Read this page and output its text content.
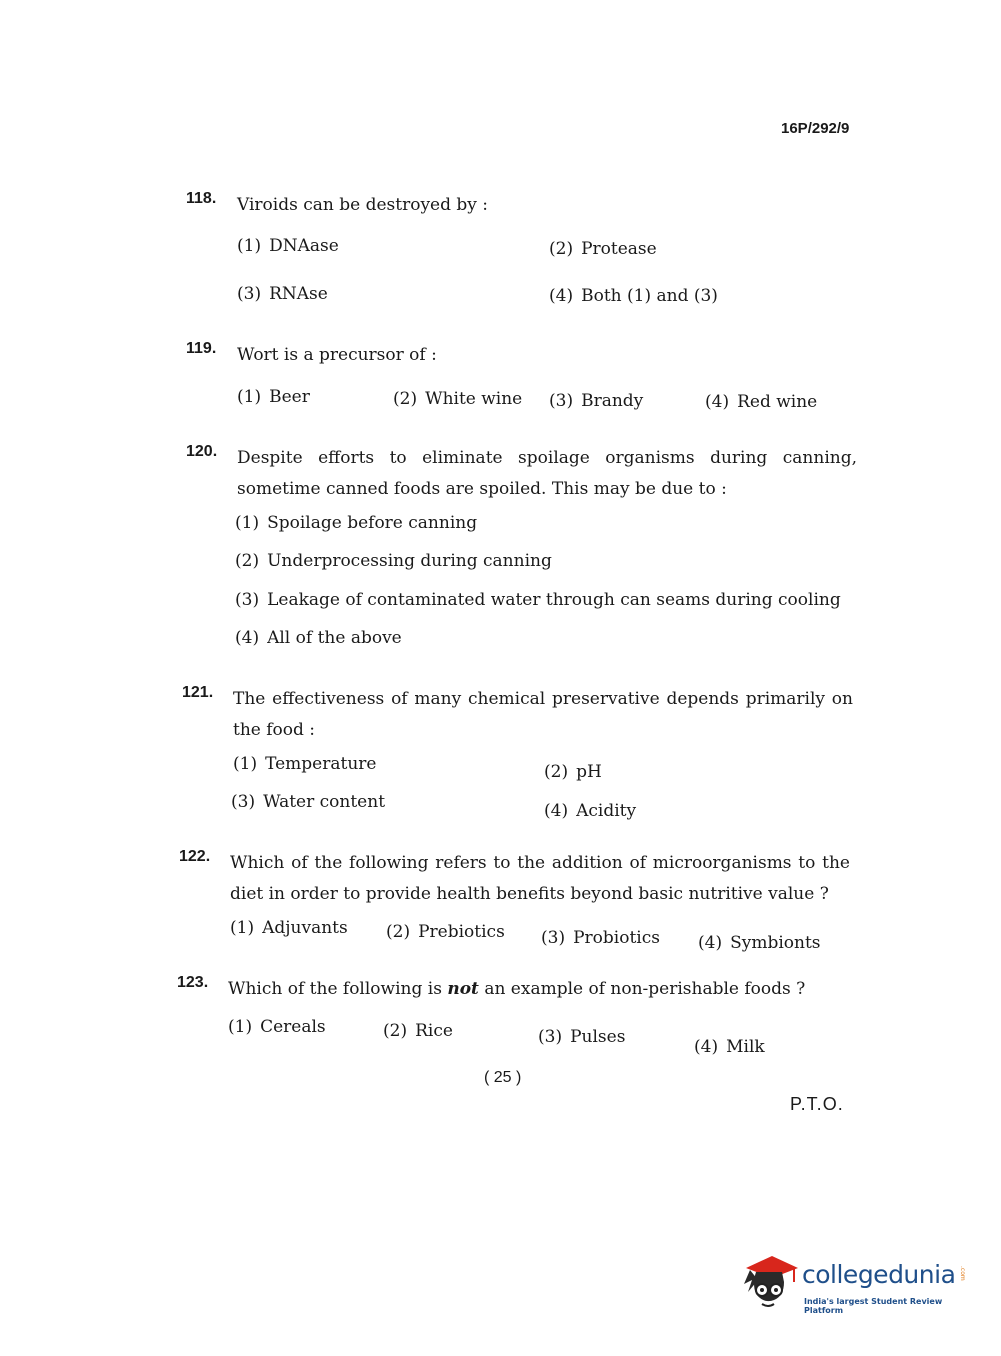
16P/292/9
118. Viroids can be destroyed by :
(1) DNAase	(2) Protease
(3) RNAse	(4) Both (1) and (3)
119. Wort is a precursor of :
(1) Beer	(2) White wine (3) Brandy	(4) Red wine
120. Despite efforts to eliminate spoilage organisms during canning, sometime canned foods are spoiled. This may be due to :
(1) Spoilage before canning
(2) Underprocessing during canning
(3) Leakage of contaminated water through can seams during cooling
(4) All of the above
121. The effectiveness of many chemical preservative depends primarily on the food :
(1) Temperature	(2) pH
(3) Water content	(4) Acidity
122. Which of the following refers to the addition of microorganisms to the diet in order to provide health benefits beyond basic nutritive value ?
(1) Adjuvants (2) Prebiotics (3) Probiotics (4) Symbionts
123. Which of the following is not an example of non-perishable foods ?
(1) Cereals	(2) Rice	(3) Pulses	(4) Milk
( 25 )
P.T.O.
collegedunia .com
India's largest Student Review Platform
